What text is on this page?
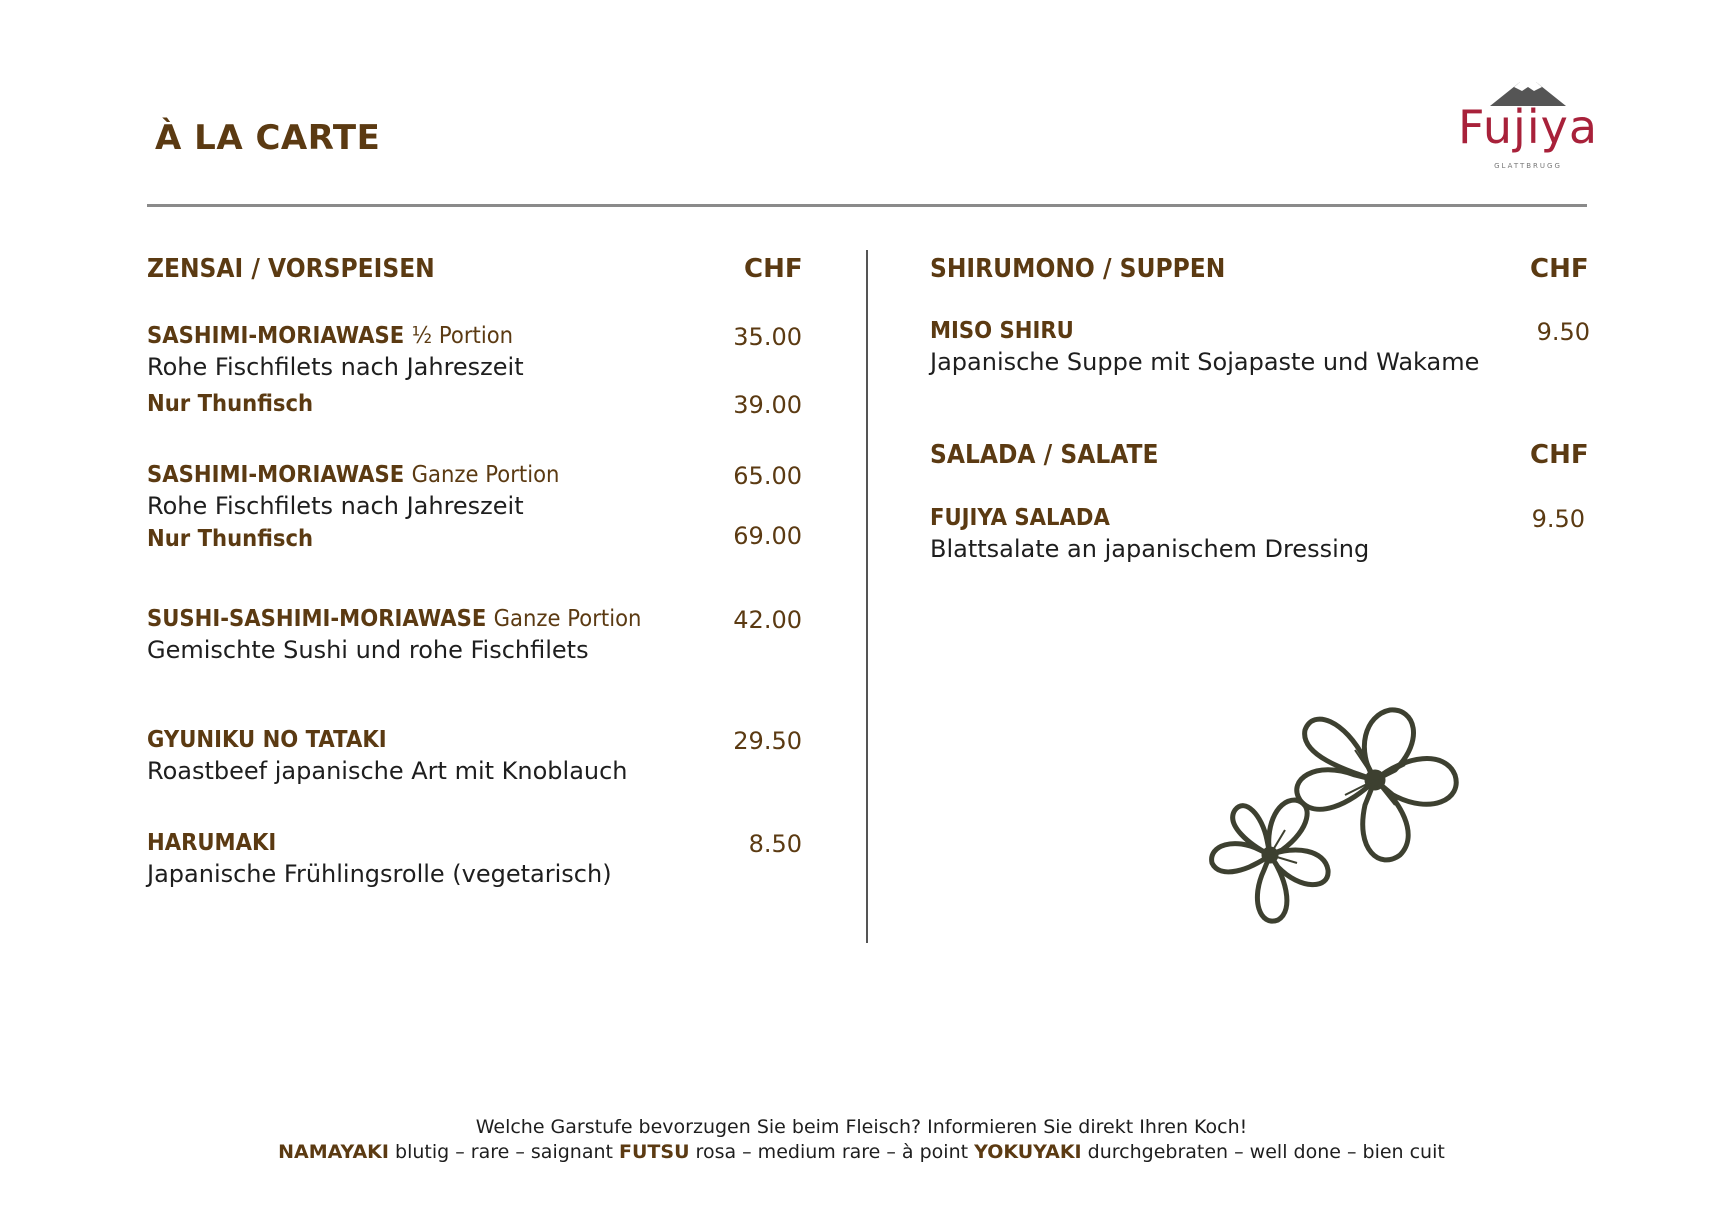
À LA CARTE	Fujiya
GLATTBRUGG
ZENSAI / VORSPEISEN	CHF
SASHIMI-MORIAWASE ½ Portion	35.00
Rohe Fischfilets nach Jahreszeit
Nur Thunfisch	39.00
SASHIMI-MORIAWASE Ganze Portion	65.00
Rohe Fischfilets nach Jahreszeit
Nur Thunfisch	69.00
SUSHI-SASHIMI-MORIAWASE Ganze Portion	42.00
Gemischte Sushi und rohe Fischfilets
GYUNIKU NO TATAKI	29.50
Roastbeef japanische Art mit Knoblauch
HARUMAKI	8.50
Japanische Frühlingsrolle (vegetarisch)
SHIRUMONO / SUPPEN	CHF
MISO SHIRU	9.50
Japanische Suppe mit Sojapaste und Wakame
SALADA / SALATE	CHF
FUJIYA SALADA	9.50
Blattsalate an japanischem Dressing
Welche Garstufe bevorzugen Sie beim Fleisch? Informieren Sie direkt Ihren Koch!
NAMAYAKI blutig – rare – saignant FUTSU rosa – medium rare – à point YOKUYAKI durchgebraten – well done – bien cuit
